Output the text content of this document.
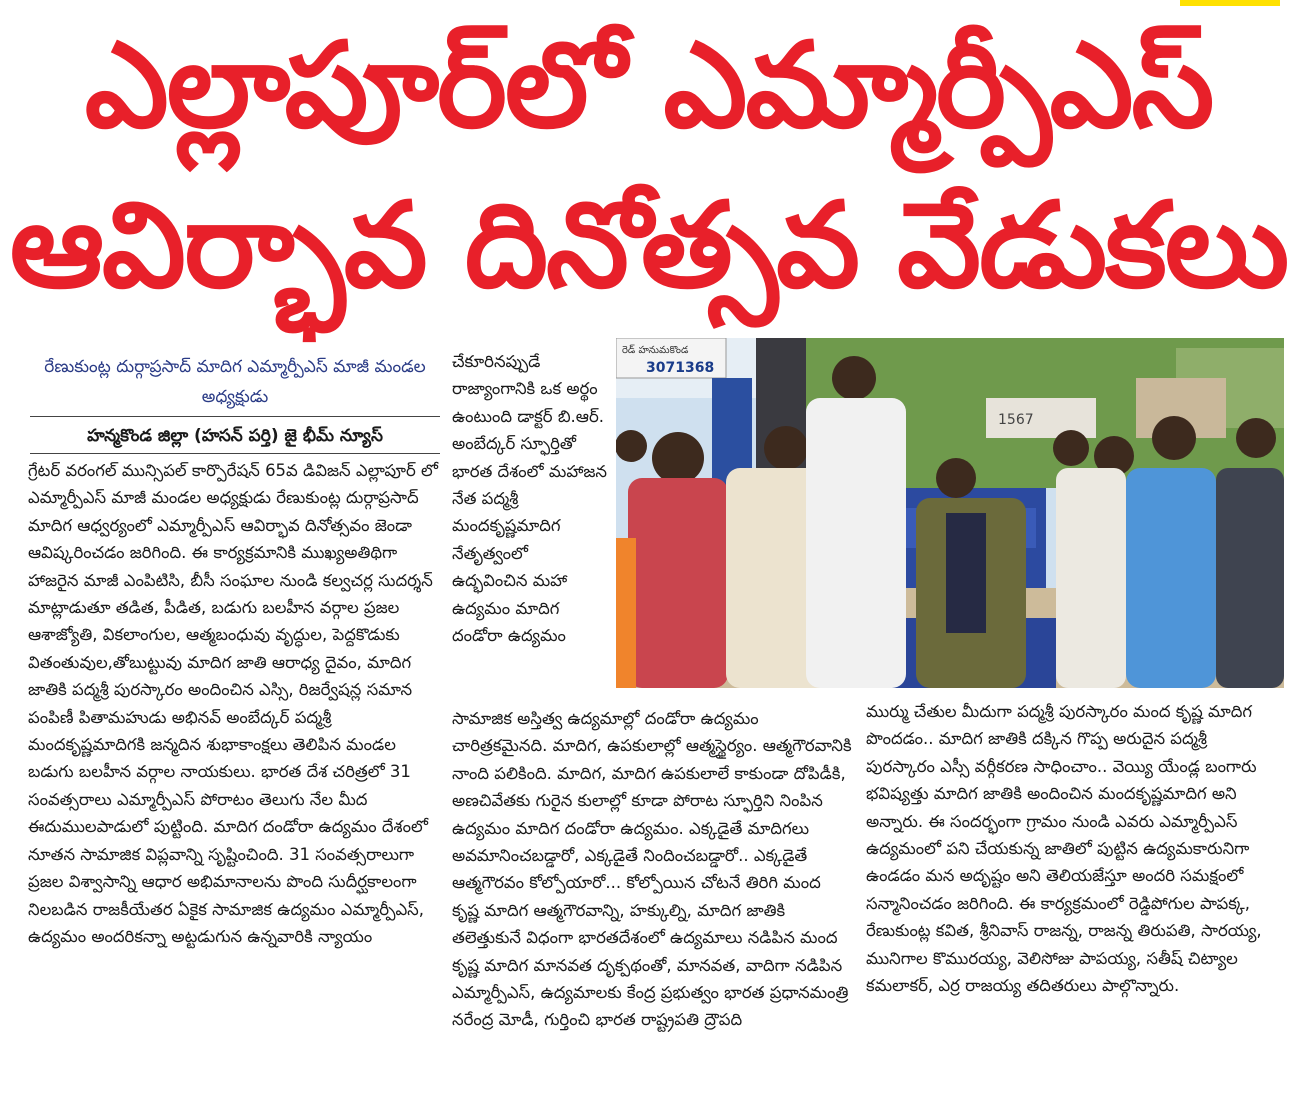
ఎల్లాపూర్‌లో ఎమ్మార్పీఎస్
ఆవిర్భావ దినోత్సవ వేడుకలు
రేణుకుంట్ల దుర్గాప్రసాద్ మాదిగ ఎమ్మార్పీఎస్ మాజీ మండల అధ్యక్షుడు
హన్మకొండ జిల్లా (హసన్ పర్తి) జై భీమ్ న్యూస్

గ్రేటర్ వరంగల్ మున్సిపల్ కార్పొరేషన్ 65వ డివిజన్ ఎల్లాపూర్ లో ఎమ్మార్పీఎస్ మాజీ మండల అధ్యక్షుడు రేణుకుంట్ల దుర్గాప్రసాద్ మాదిగ ఆధ్వర్యంలో ఎమ్మార్పీఎస్ ఆవిర్భావ దినోత్సవం జెండా ఆవిష్కరించడం జరిగింది. ఈ కార్యక్రమానికి ముఖ్యఅతిథిగా హాజరైన మాజీ ఎంపిటిసి, బీసీ సంఘాల నుండి కల్వచర్ల సుదర్శన్ మాట్లాడుతూ తడిత, పీడిత, బడుగు బలహీన వర్గాల ప్రజల ఆశాజ్యోతి, వికలాంగుల, ఆత్మబంధువు వృద్ధుల, పెద్దకొడుకు వితంతువుల,తోబుట్టువు మాదిగ జాతి ఆరాధ్య దైవం, మాదిగ జాతికి పద్మశ్రీ పురస్కారం అందించిన ఎస్సి, రిజర్వేషన్ల సమాన పంపిణీ పితామహుడు అభినవ్ అంబేద్కర్ పద్మశ్రీ మందకృష్ణమాదిగకి జన్మదిన శుభాకాంక్షలు తెలిపిన మండల బడుగు బలహీన వర్గాల నాయకులు. భారత దేశ చరిత్రలో 31 సంవత్సరాలు ఎమ్మార్పీఎస్ పోరాటం తెలుగు నేల మీద ఈదుములపాడులో పుట్టింది. మాదిగ దండోరా ఉద్యమం దేశంలో నూతన సామాజిక విప్లవాన్ని సృష్టించింది. 31 సంవత్సరాలుగా ప్రజల విశ్వాసాన్ని ఆధార అభిమానాలను పొంది సుదీర్ఘకాలంగా నిలబడిన రాజకీయేతర ఏకైక సామాజిక ఉద్యమం ఎమ్మార్పీఎస్, ఉద్యమం అందరికన్నా అట్టడుగున ఉన్నవారికి న్యాయం

చేకూరినప్పుడే రాజ్యాంగానికి ఒక అర్థం ఉంటుంది డాక్టర్ బి.ఆర్. అంబేద్కర్ స్ఫూర్తితో భారత దేశంలో మహాజన నేత పద్మశ్రీ మందకృష్ణమాదిగ నేతృత్వంలో ఉద్భవించిన మహా ఉద్యమం మాదిగ దండోరా ఉద్యమం

సామాజిక అస్తిత్వ ఉద్యమాల్లో దండోరా ఉద్యమం చారిత్రకమైనది. మాదిగ, ఉపకులాల్లో ఆత్మస్థైర్యం. ఆత్మగౌరవానికి నాంది పలికింది. మాదిగ, మాదిగ ఉపకులాలే కాకుండా దోపిడీకి, అణచివేతకు గురైన కులాల్లో కూడా పోరాట స్ఫూర్తిని నింపిన ఉద్యమం మాదిగ దండోరా ఉద్యమం. ఎక్కడైతే మాదిగలు అవమానించబడ్డారో, ఎక్కడైతే నిందించబడ్డారో.. ఎక్కడైతే ఆత్మగౌరవం కోల్పోయారో... కోల్పోయిన చోటనే తిరిగి మంద కృష్ణ మాదిగ ఆత్మగౌరవాన్ని, హక్కుల్ని, మాదిగ జాతికి తలెత్తుకునే విధంగా భారతదేశంలో ఉద్యమాలు నడిపిన మంద కృష్ణ మాదిగ మానవత దృక్పథంతో, మానవత, వాదిగా నడిపిన ఎమ్మార్పీఎస్, ఉద్యమాలకు కేంద్ర ప్రభుత్వం భారత ప్రధానమంత్రి నరేంద్ర మోడీ, గుర్తించి భారత రాష్ట్రపతి ద్రౌపది

ముర్ము చేతుల మీదుగా పద్మశ్రీ పురస్కారం మంద కృష్ణ మాదిగ పొందడం.. మాదిగ జాతికి దక్కిన గొప్ప అరుదైన పద్మశ్రీ పురస్కారం ఎస్సీ వర్గీకరణ సాధించాం.. వెయ్యి యేండ్ల బంగారు భవిష్యత్తు మాదిగ జాతికి అందించిన మందకృష్ణమాదిగ అని అన్నారు. ఈ సందర్భంగా గ్రామం నుండి ఎవరు ఎమ్మార్పీఎస్ ఉద్యమంలో పని చేయకున్న జాతిలో పుట్టిన ఉద్యమకారునిగా ఉండడం మన అదృష్టం అని తెలియజేస్తూ అందరి సమక్షంలో సన్మానించడం జరిగింది. ఈ కార్యక్రమంలో రెడ్డిపోగుల పాపక్క, రేణుకుంట్ల కవిత, శ్రీనివాస్ రాజన్న, రాజన్న తిరుపతి, సారయ్య, మునిగాల కొమురయ్య, వెలిసోజు పాపయ్య, సతీష్ చిట్యాల కమలాకర్, ఎర్ర రాజయ్య తదితరులు పాల్గొన్నారు.

రెడ్ హనుమకొండ
3071368
1567
